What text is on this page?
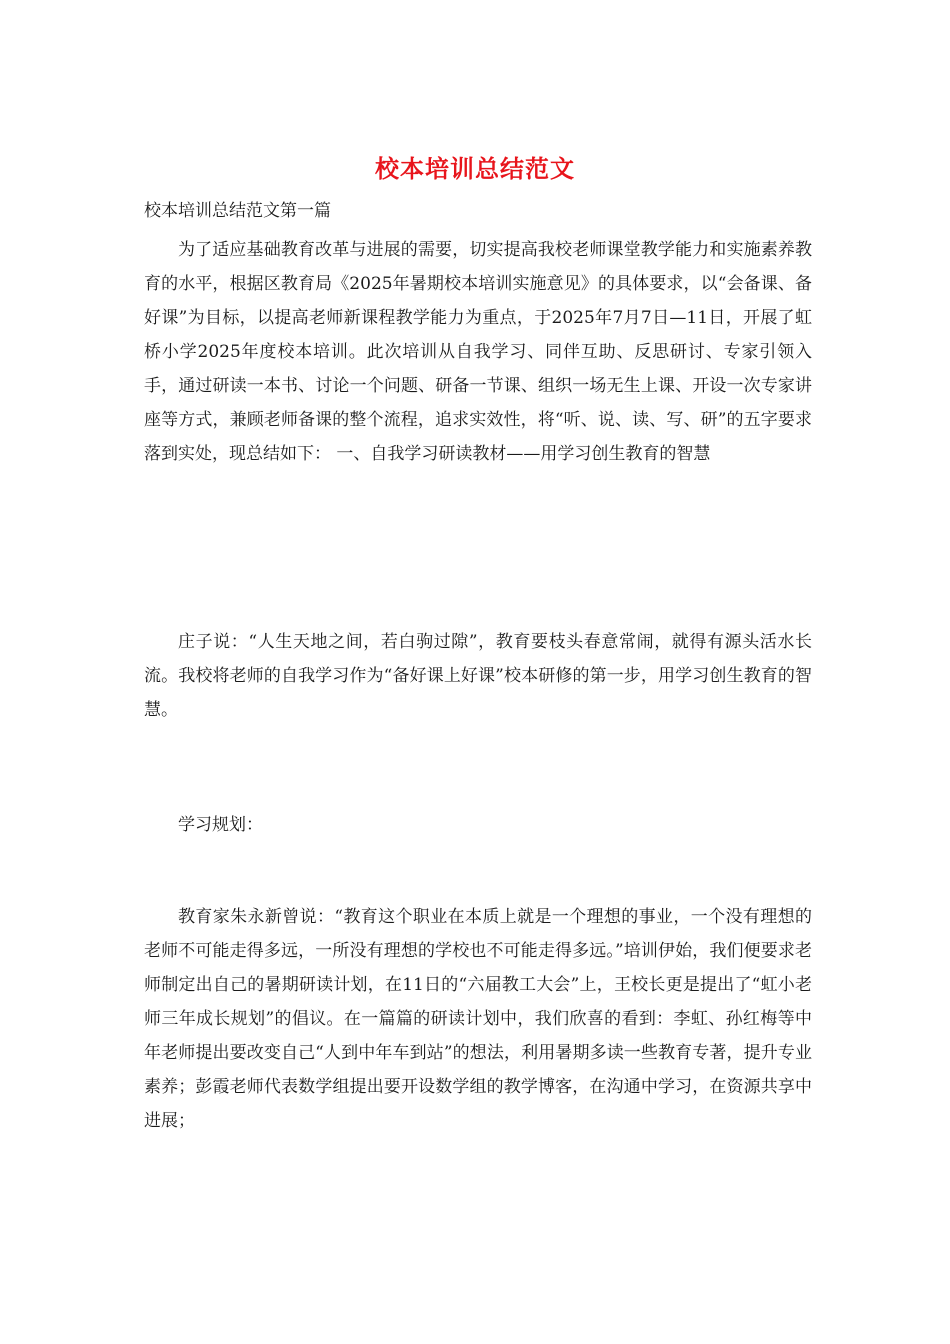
校本培训总结范文
校本培训总结范文第一篇

为了适应基础教育改革与进展的需要，切实提高我校老师课堂教学能力和实施素养教育的水平，根据区教育局《2025年暑期校本培训实施意见》的具体要求，以“会备课、备好课”为目标，以提高老师新课程教学能力为重点，于2025年7月7日—11日，开展了虹桥小学2025年度校本培训。此次培训从自我学习、同伴互助、反思研讨、专家引领入手，通过研读一本书、讨论一个问题、研备一节课、组织一场无生上课、开设一次专家讲座等方式，兼顾老师备课的整个流程，追求实效性，将“听、说、读、写、研”的五字要求落到实处，现总结如下： 一、自我学习研读教材——用学习创生教育的智慧

庄子说：“人生天地之间，若白驹过隙”，教育要枝头春意常闹，就得有源头活水长流。我校将老师的自我学习作为“备好课上好课”校本研修的第一步，用学习创生教育的智慧。

学习规划：

教育家朱永新曾说：“教育这个职业在本质上就是一个理想的事业，一个没有理想的老师不可能走得多远，一所没有理想的学校也不可能走得多远。”培训伊始，我们便要求老师制定出自己的暑期研读计划，在11日的“六届教工大会”上，王校长更是提出了“虹小老师三年成长规划”的倡议。在一篇篇的研读计划中，我们欣喜的看到：李虹、孙红梅等中年老师提出要改变自己“人到中年车到站”的想法，利用暑期多读一些教育专著，提升专业素养；彭霞老师代表数学组提出要开设数学组的教学博客，在沟通中学习，在资源共享中进展；
